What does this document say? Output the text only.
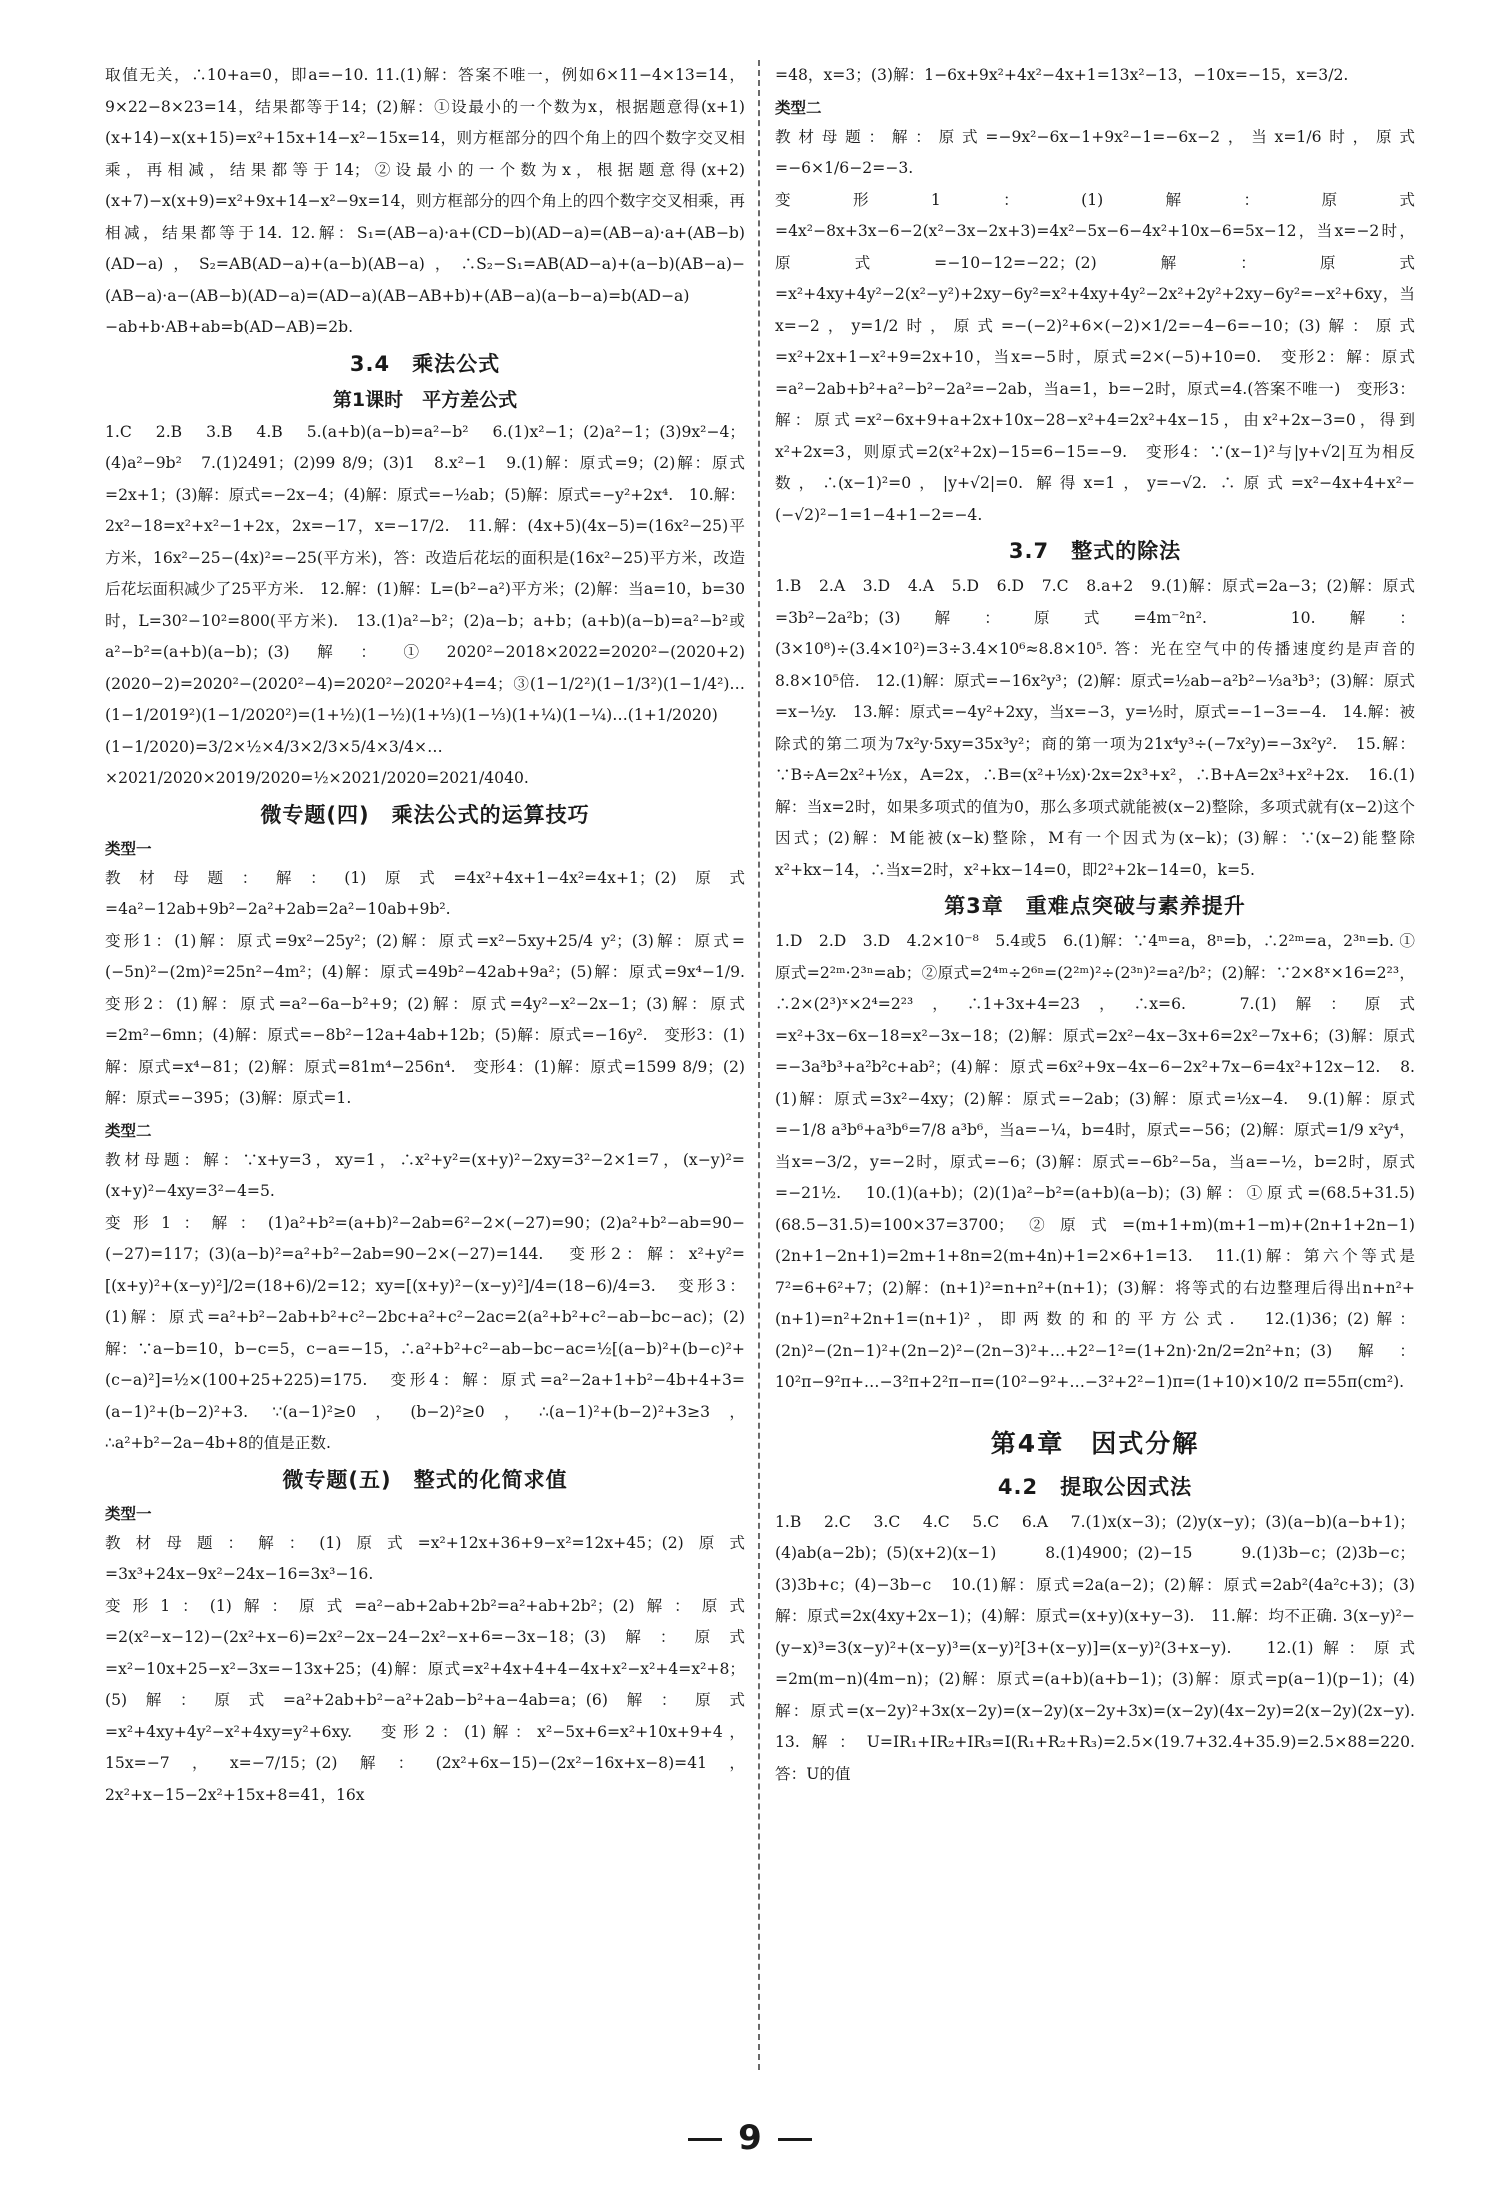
取值无关，∴10+a=0，即a=−10. 11.(1)解：答案不唯一，例如6×11−4×13=14，9×22−8×23=14，结果都等于14；(2)解：①设最小的一个数为x，根据题意得(x+1)(x+14)−x(x+15)=x²+15x+14−x²−15x=14，则方框部分的四个角上的四个数字交叉相乘，再相减，结果都等于14；②设最小的一个数为x，根据题意得(x+2)(x+7)−x(x+9)=x²+9x+14−x²−9x=14，则方框部分的四个角上的四个数字交叉相乘，再相减，结果都等于14. 12.解：S₁=(AB−a)·a+(CD−b)(AD−a)=(AB−a)·a+(AB−b)(AD−a)，S₂=AB(AD−a)+(a−b)(AB−a)，∴S₂−S₁=AB(AD−a)+(a−b)(AB−a)−(AB−a)·a−(AB−b)(AD−a)=(AD−a)(AB−AB+b)+(AB−a)(a−b−a)=b(AD−a)−ab+b·AB+ab=b(AD−AB)=2b.
3.4　乘法公式
第1课时　平方差公式
1.C　2.B　3.B　4.B　5.(a+b)(a−b)=a²−b²　6.(1)x²−1；(2)a²−1；(3)9x²−4；(4)a²−9b²　7.(1)2491；(2)99 8/9；(3)1　8.x²−1　9.(1)解：原式=9；(2)解：原式=2x+1；(3)解：原式=−2x−4；(4)解：原式=−½ab；(5)解：原式=−y²+2x⁴.　10.解：2x²−18=x²+x²−1+2x，2x=−17，x=−17/2.　11.解：(4x+5)(4x−5)=(16x²−25)平方米，16x²−25−(4x)²=−25(平方米)，答：改造后花坛的面积是(16x²−25)平方米，改造后花坛面积减少了25平方米.　12.解：(1)解：L=(b²−a²)平方米；(2)解：当a=10，b=30时，L=30²−10²=800(平方米).　13.(1)a²−b²；(2)a−b；a+b；(a+b)(a−b)=a²−b²或a²−b²=(a+b)(a−b)；(3)解：①2020²−2018×2022=2020²−(2020+2)(2020−2)=2020²−(2020²−4)=2020²−2020²+4=4；③(1−1/2²)(1−1/3²)(1−1/4²)…(1−1/2019²)(1−1/2020²)=(1+½)(1−½)(1+⅓)(1−⅓)(1+¼)(1−¼)…(1+1/2020)(1−1/2020)=3/2×½×4/3×2/3×5/4×3/4×…×2021/2020×2019/2020=½×2021/2020=2021/4040.
微专题(四)　乘法公式的运算技巧
类型一
教材母题：解：(1)原式=4x²+4x+1−4x²=4x+1；(2)原式=4a²−12ab+9b²−2a²+2ab=2a²−10ab+9b².
变形1：(1)解：原式=9x²−25y²；(2)解：原式=x²−5xy+25/4 y²；(3)解：原式=(−5n)²−(2m)²=25n²−4m²；(4)解：原式=49b²−42ab+9a²；(5)解：原式=9x⁴−1/9.　变形2：(1)解：原式=a²−6a−b²+9；(2)解：原式=4y²−x²−2x−1；(3)解：原式=2m²−6mn；(4)解：原式=−8b²−12a+4ab+12b；(5)解：原式=−16y².　变形3：(1)解：原式=x⁴−81；(2)解：原式=81m⁴−256n⁴.　变形4：(1)解：原式=1599 8/9；(2)解：原式=−395；(3)解：原式=1.
类型二
教材母题：解：∵x+y=3，xy=1，∴x²+y²=(x+y)²−2xy=3²−2×1=7，(x−y)²=(x+y)²−4xy=3²−4=5.
变形1：解：(1)a²+b²=(a+b)²−2ab=6²−2×(−27)=90；(2)a²+b²−ab=90−(−27)=117；(3)(a−b)²=a²+b²−2ab=90−2×(−27)=144.　变形2：解：x²+y²=[(x+y)²+(x−y)²]/2=(18+6)/2=12；xy=[(x+y)²−(x−y)²]/4=(18−6)/4=3.　变形3：(1)解：原式=a²+b²−2ab+b²+c²−2bc+a²+c²−2ac=2(a²+b²+c²−ab−bc−ac)；(2)解：∵a−b=10，b−c=5，c−a=−15，∴a²+b²+c²−ab−bc−ac=½[(a−b)²+(b−c)²+(c−a)²]=½×(100+25+225)=175.　变形4：解：原式=a²−2a+1+b²−4b+4+3=(a−1)²+(b−2)²+3. ∵(a−1)²≥0，(b−2)²≥0，∴(a−1)²+(b−2)²+3≥3，∴a²+b²−2a−4b+8的值是正数.
微专题(五)　整式的化简求值
类型一
教材母题：解：(1)原式=x²+12x+36+9−x²=12x+45；(2)原式=3x³+24x−9x²−24x−16=3x³−16.
变形1：(1)解：原式=a²−ab+2ab+2b²=a²+ab+2b²；(2)解：原式=2(x²−x−12)−(2x²+x−6)=2x²−2x−24−2x²−x+6=−3x−18；(3)解：原式=x²−10x+25−x²−3x=−13x+25；(4)解：原式=x²+4x+4+4−4x+x²−x²+4=x²+8；(5)解：原式=a²+2ab+b²−a²+2ab−b²+a−4ab=a；(6)解：原式=x²+4xy+4y²−x²+4xy=y²+6xy.　变形2：(1)解：x²−5x+6=x²+10x+9+4，15x=−7，x=−7/15；(2)解：(2x²+6x−15)−(2x²−16x+x−8)=41，2x²+x−15−2x²+15x+8=41，16x
=48，x=3；(3)解：1−6x+9x²+4x²−4x+1=13x²−13，−10x=−15，x=3/2.
类型二
教材母题：解：原式=−9x²−6x−1+9x²−1=−6x−2，当x=1/6时，原式=−6×1/6−2=−3.
变形1：(1)解：原式=4x²−8x+3x−6−2(x²−3x−2x+3)=4x²−5x−6−4x²+10x−6=5x−12，当x=−2时，原式=−10−12=−22；(2)解：原式=x²+4xy+4y²−2(x²−y²)+2xy−6y²=x²+4xy+4y²−2x²+2y²+2xy−6y²=−x²+6xy，当x=−2，y=1/2时，原式=−(−2)²+6×(−2)×1/2=−4−6=−10；(3)解：原式=x²+2x+1−x²+9=2x+10，当x=−5时，原式=2×(−5)+10=0.　变形2：解：原式=a²−2ab+b²+a²−b²−2a²=−2ab，当a=1，b=−2时，原式=4.(答案不唯一)　变形3：解：原式=x²−6x+9+a+2x+10x−28−x²+4=2x²+4x−15，由x²+2x−3=0，得到x²+2x=3，则原式=2(x²+2x)−15=6−15=−9.　变形4：∵(x−1)²与|y+√2|互为相反数，∴(x−1)²=0，|y+√2|=0. 解得x=1，y=−√2. ∴原式=x²−4x+4+x²−(−√2)²−1=1−4+1−2=−4.
3.7　整式的除法
1.B　2.A　3.D　4.A　5.D　6.D　7.C　8.a+2　9.(1)解：原式=2a−3；(2)解：原式=3b²−2a²b；(3)解：原式=4m⁻²n².　10.解：(3×10⁸)÷(3.4×10²)=3÷3.4×10⁶≈8.8×10⁵. 答：光在空气中的传播速度约是声音的8.8×10⁵倍.　12.(1)解：原式=−16x²y³；(2)解：原式=½ab−a²b²−⅓a³b³；(3)解：原式=x−½y.　13.解：原式=−4y²+2xy，当x=−3，y=½时，原式=−1−3=−4.　14.解：被除式的第二项为7x²y·5xy=35x³y²；商的第一项为21x⁴y³÷(−7x²y)=−3x²y².　15.解：∵B÷A=2x²+½x，A=2x，∴B=(x²+½x)·2x=2x³+x²，∴B+A=2x³+x²+2x.　16.(1)解：当x=2时，如果多项式的值为0，那么多项式就能被(x−2)整除，多项式就有(x−2)这个因式；(2)解：M能被(x−k)整除，M有一个因式为(x−k)；(3)解：∵(x−2)能整除x²+kx−14，∴当x=2时，x²+kx−14=0，即2²+2k−14=0，k=5.
第3章　重难点突破与素养提升
1.D　2.D　3.D　4.2×10⁻⁸　5.4或5　6.(1)解：∵4ᵐ=a，8ⁿ=b，∴2²ᵐ=a，2³ⁿ=b. ①原式=2²ᵐ·2³ⁿ=ab；②原式=2⁴ᵐ÷2⁶ⁿ=(2²ᵐ)²÷(2³ⁿ)²=a²/b²；(2)解：∵2×8ˣ×16=2²³，∴2×(2³)ˣ×2⁴=2²³，∴1+3x+4=23，∴x=6.　7.(1)解：原式=x²+3x−6x−18=x²−3x−18；(2)解：原式=2x²−4x−3x+6=2x²−7x+6；(3)解：原式=−3a³b³+a²b²c+ab²；(4)解：原式=6x²+9x−4x−6−2x²+7x−6=4x²+12x−12.　8.(1)解：原式=3x²−4xy；(2)解：原式=−2ab；(3)解：原式=½x−4.　9.(1)解：原式=−1/8 a³b⁶+a³b⁶=7/8 a³b⁶，当a=−¼，b=4时，原式=−56；(2)解：原式=1/9 x²y⁴，当x=−3/2，y=−2时，原式=−6；(3)解：原式=−6b²−5a，当a=−½，b=2时，原式=−21½.　10.(1)(a+b)；(2)(1)a²−b²=(a+b)(a−b)；(3)解：①原式=(68.5+31.5)(68.5−31.5)=100×37=3700；②原式=(m+1+m)(m+1−m)+(2n+1+2n−1)(2n+1−2n+1)=2m+1+8n=2(m+4n)+1=2×6+1=13.　11.(1)解：第六个等式是7²=6+6²+7；(2)解：(n+1)²=n+n²+(n+1)；(3)解：将等式的右边整理后得出n+n²+(n+1)=n²+2n+1=(n+1)²，即两数的和的平方公式.　12.(1)36；(2)解：(2n)²−(2n−1)²+(2n−2)²−(2n−3)²+…+2²−1²=(1+2n)·2n/2=2n²+n；(3)解：10²π−9²π+…−3²π+2²π−π=(10²−9²+…−3²+2²−1)π=(1+10)×10/2 π=55π(cm²).
第4章　因式分解
4.2　提取公因式法
1.B　2.C　3.C　4.C　5.C　6.A　7.(1)x(x−3)；(2)y(x−y)；(3)(a−b)(a−b+1)；(4)ab(a−2b)；(5)(x+2)(x−1)　8.(1)4900；(2)−15　9.(1)3b−c；(2)3b−c；(3)3b+c；(4)−3b−c　10.(1)解：原式=2a(a−2)；(2)解：原式=2ab²(4a²c+3)；(3)解：原式=2x(4xy+2x−1)；(4)解：原式=(x+y)(x+y−3).　11.解：均不正确. 3(x−y)²−(y−x)³=3(x−y)²+(x−y)³=(x−y)²[3+(x−y)]=(x−y)²(3+x−y).　12.(1)解：原式=2m(m−n)(4m−n)；(2)解：原式=(a+b)(a+b−1)；(3)解：原式=p(a−1)(p−1)；(4)解：原式=(x−2y)²+3x(x−2y)=(x−2y)(x−2y+3x)=(x−2y)(4x−2y)=2(x−2y)(2x−y).　13.解：U=IR₁+IR₂+IR₃=I(R₁+R₂+R₃)=2.5×(19.7+32.4+35.9)=2.5×88=220. 答：U的值
9
